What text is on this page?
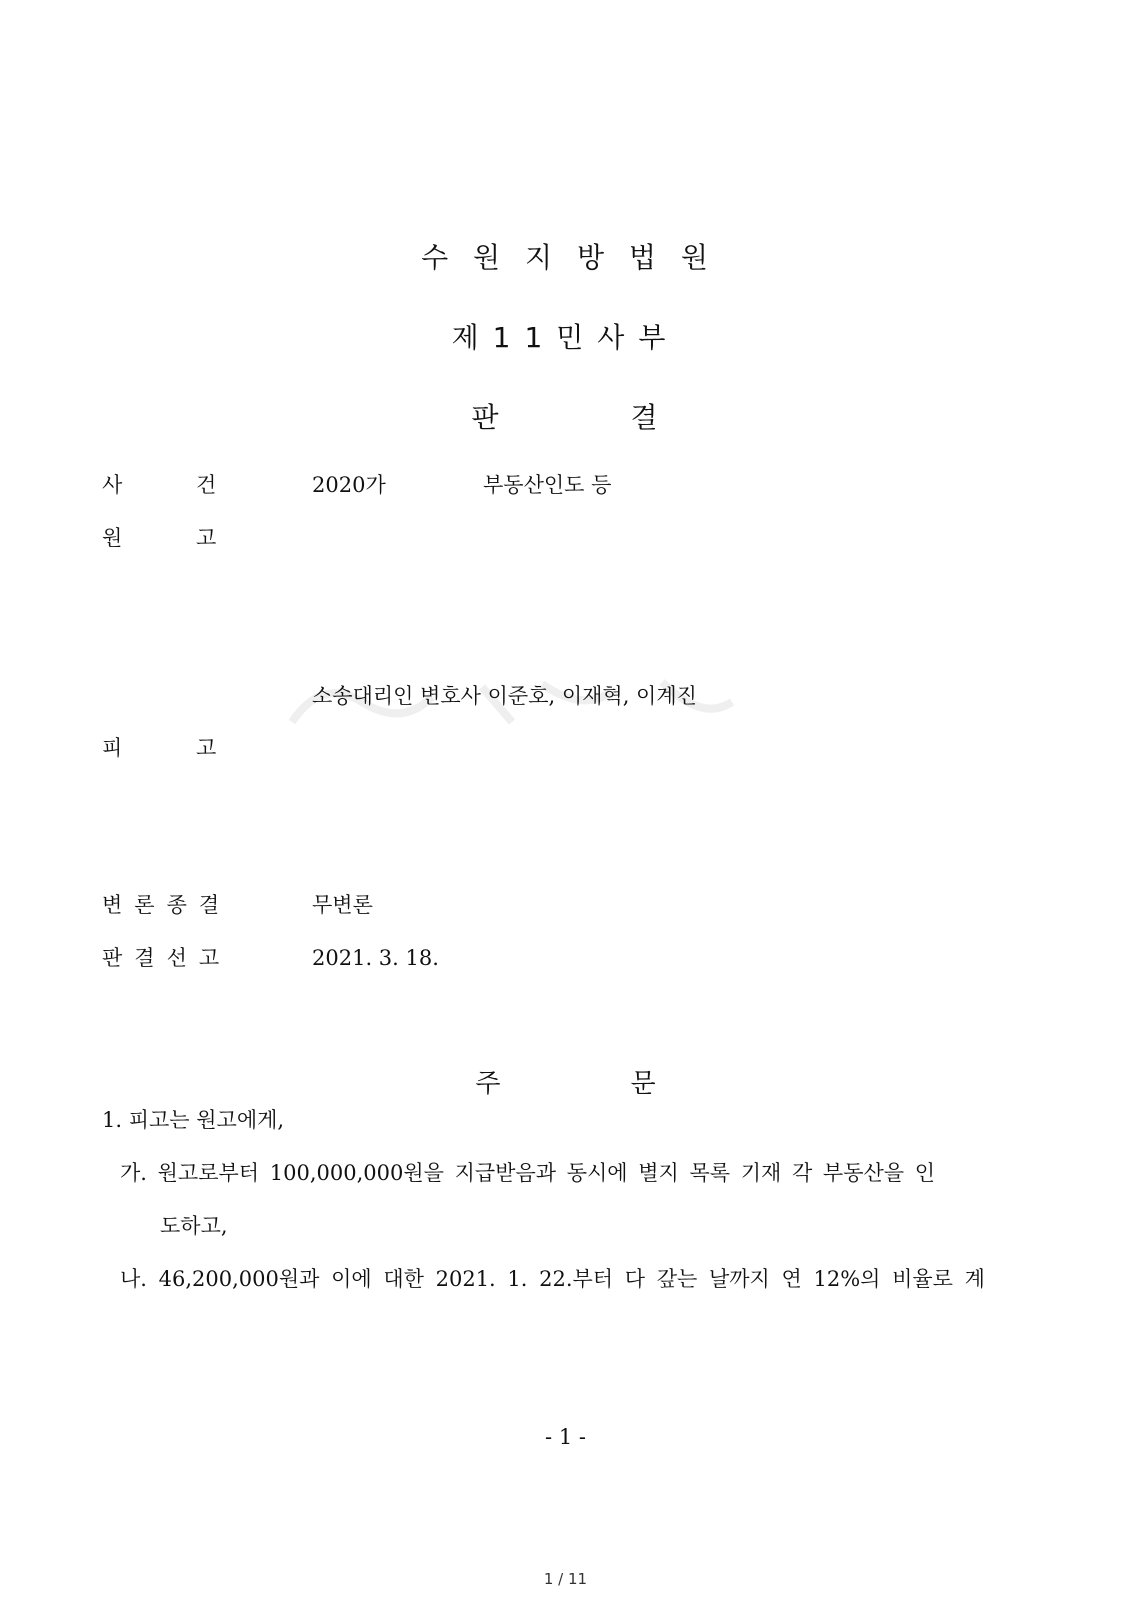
수 원 지 방 법 원
제11민사부
판	결
사	건	2020가	부동산인도 등
원	고
소송대리인 변호사 이준호, 이재혁, 이계진
피	고
변론종결	무변론
판결선고	2021. 3. 18.
주	문
1. 피고는 원고에게,
가. 원고로부터 100,000,000원을 지급받음과 동시에 별지 목록 기재 각 부동산을 인
도하고,
나. 46,200,000원과 이에 대한 2021. 1. 22.부터 다 갚는 날까지 연 12%의 비율로 계
- 1 -
1 / 11
